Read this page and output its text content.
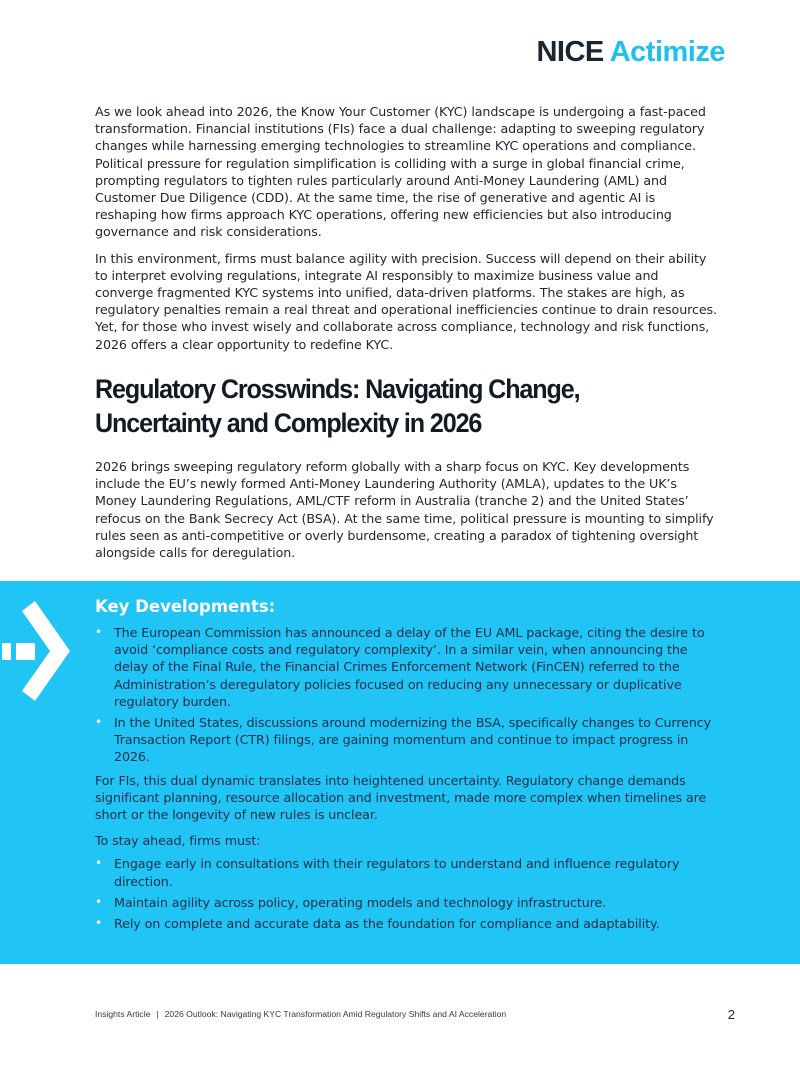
NICE Actimize

As we look ahead into 2026, the Know Your Customer (KYC) landscape is undergoing a fast-paced transformation. Financial institutions (FIs) face a dual challenge: adapting to sweeping regulatory changes while harnessing emerging technologies to streamline KYC operations and compliance. Political pressure for regulation simplification is colliding with a surge in global financial crime, prompting regulators to tighten rules particularly around Anti-Money Laundering (AML) and Customer Due Diligence (CDD). At the same time, the rise of generative and agentic AI is reshaping how firms approach KYC operations, offering new efficiencies but also introducing governance and risk considerations.

In this environment, firms must balance agility with precision. Success will depend on their ability to interpret evolving regulations, integrate AI responsibly to maximize business value and converge fragmented KYC systems into unified, data-driven platforms. The stakes are high, as regulatory penalties remain a real threat and operational inefficiencies continue to drain resources. Yet, for those who invest wisely and collaborate across compliance, technology and risk functions, 2026 offers a clear opportunity to redefine KYC.

Regulatory Crosswinds: Navigating Change, Uncertainty and Complexity in 2026

2026 brings sweeping regulatory reform globally with a sharp focus on KYC. Key developments include the EU’s newly formed Anti-Money Laundering Authority (AMLA), updates to the UK’s Money Laundering Regulations, AML/CTF reform in Australia (tranche 2) and the United States’ refocus on the Bank Secrecy Act (BSA). At the same time, political pressure is mounting to simplify rules seen as anti-competitive or overly burdensome, creating a paradox of tightening oversight alongside calls for deregulation.

Key Developments:
• The European Commission has announced a delay of the EU AML package, citing the desire to avoid ‘compliance costs and regulatory complexity’. In a similar vein, when announcing the delay of the Final Rule, the Financial Crimes Enforcement Network (FinCEN) referred to the Administration’s deregulatory policies focused on reducing any unnecessary or duplicative regulatory burden.
• In the United States, discussions around modernizing the BSA, specifically changes to Currency Transaction Report (CTR) filings, are gaining momentum and continue to impact progress in 2026.

For FIs, this dual dynamic translates into heightened uncertainty. Regulatory change demands significant planning, resource allocation and investment, made more complex when timelines are short or the longevity of new rules is unclear.

To stay ahead, firms must:

• Engage early in consultations with their regulators to understand and influence regulatory direction.
• Maintain agility across policy, operating models and technology infrastructure.
• Rely on complete and accurate data as the foundation for compliance and adaptability.
Insights Article | 2026 Outlook: Navigating KYC Transformation Amid Regulatory Shifts and AI Acceleration	2
